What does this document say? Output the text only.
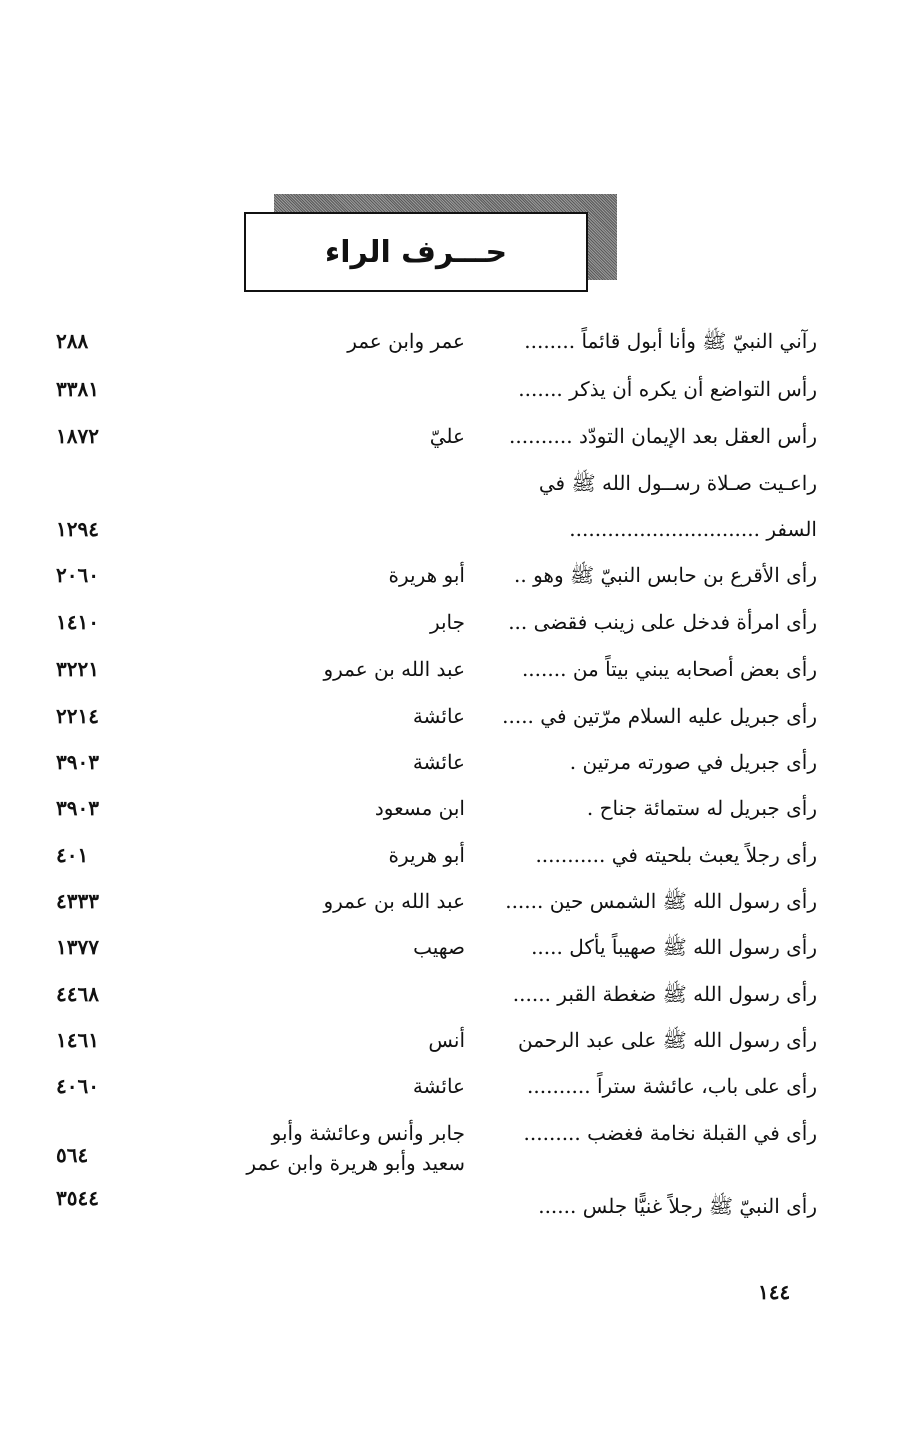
حـــرف الراء
رآني النبيّ ﷺ وأنا أبول قائماً ........
عمر وابن عمر
٢٨٨
رأس التواضع أن يكره أن يذكر .......
٣٣٨١
رأس العقل بعد الإيمان التودّد ..........
عليّ
١٨٧٢
راعـيت صـلاة رســول الله ﷺ في
السفر ..............................
١٢٩٤
رأى الأقرع بن حابس النبيّ ﷺ وهو ..
أبو هريرة
٢٠٦٠
رأى امرأة فدخل على زينب فقضى ...
جابر
١٤١٠
رأى بعض أصحابه يبني بيتاً من .......
عبد الله بن عمرو
٣٢٢١
رأى جبريل عليه السلام مرّتين في .....
عائشة
٢٢١٤
رأى جبريل في صورته مرتين .
عائشة
٣٩٠٣
رأى جبريل له ستمائة جناح .
ابن مسعود
٣٩٠٣
رأى رجلاً يعبث بلحيته في ...........
أبو هريرة
٤٠١
رأى رسول الله ﷺ الشمس حين ......
عبد الله بن عمرو
٤٣٣٣
رأى رسول الله ﷺ صهيباً يأكل .....
صهيب
١٣٧٧
رأى رسول الله ﷺ ضغطة القبر ......
٤٤٦٨
رأى رسول الله ﷺ على عبد الرحمن
أنس
١٤٦١
رأى على باب، عائشة ستراً ..........
عائشة
٤٠٦٠
رأى في القبلة نخامة فغضب .........
جابر وأنس وعائشة وأبو سعيد وأبو هريرة وابن عمر
٥٦٤
رأى النبيّ ﷺ رجلاً غنيًّا جلس ......
٣٥٤٤
١٤٤
